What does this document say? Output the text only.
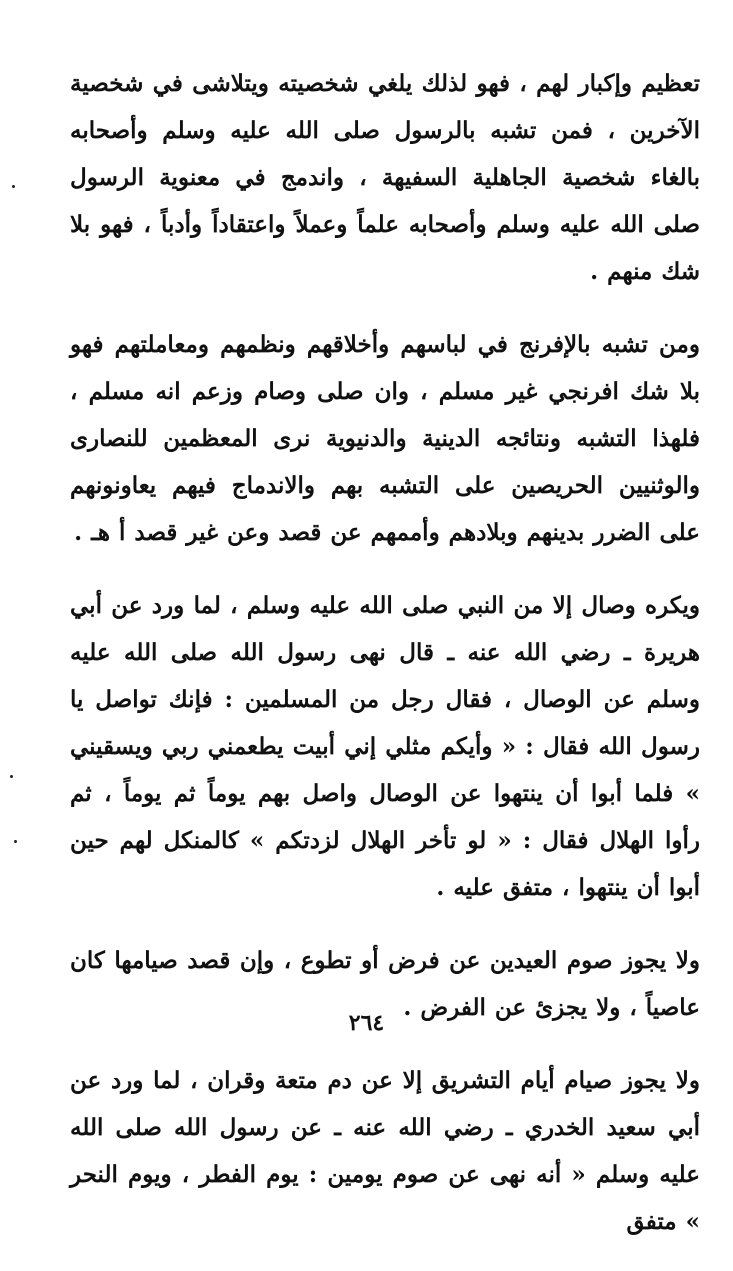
تعظيم وإكبار لهم ، فهو لذلك يلغي شخصيته ويتلاشى في شخصية الآخرين ، فمن تشبه بالرسول صلى الله عليه وسلم وأصحابه بالغاء شخصية الجاهلية السفيهة ، واندمج في معنوية الرسول صلى الله عليه وسلم وأصحابه علماً وعملاً واعتقاداً وأدباً ، فهو بلا شك منهم .

ومن تشبه بالإفرنج في لباسهم وأخلاقهم ونظمهم ومعاملتهم فهو بلا شك افرنجي غير مسلم ، وان صلى وصام وزعم انه مسلم ، فلهذا التشبه ونتائجه الدينية والدنيوية نرى المعظمين للنصارى والوثنيين الحريصين على التشبه بهم والاندماج فيهم يعاونونهم على الضرر بدينهم وبلادهم وأممهم عن قصد وعن غير قصد أ هـ .

ويكره وصال إلا من النبي صلى الله عليه وسلم ، لما ورد عن أبي هريرة ـ رضي الله عنه ـ قال نهى رسول الله صلى الله عليه وسلم عن الوصال ، فقال رجل من المسلمين : فإنك تواصل يا رسول الله فقال : « وأيكم مثلي إني أبيت يطعمني ربي ويسقيني » فلما أبوا أن ينتهوا عن الوصال واصل بهم يوماً ثم يوماً ، ثم رأوا الهلال فقال : « لو تأخر الهلال لزدتكم » كالمنكل لهم حين أبوا أن ينتهوا ، متفق عليه .

ولا يجوز صوم العيدين عن فرض أو تطوع ، وإن قصد صيامها كان عاصياً ، ولا يجزئ عن الفرض .

ولا يجوز صيام أيام التشريق إلا عن دم متعة وقران ، لما ورد عن أبي سعيد الخدري ـ رضي الله عنه ـ عن رسول الله صلى الله عليه وسلم « أنه نهى عن صوم يومين : يوم الفطر ، ويوم النحر » متفق

٢٦٤
